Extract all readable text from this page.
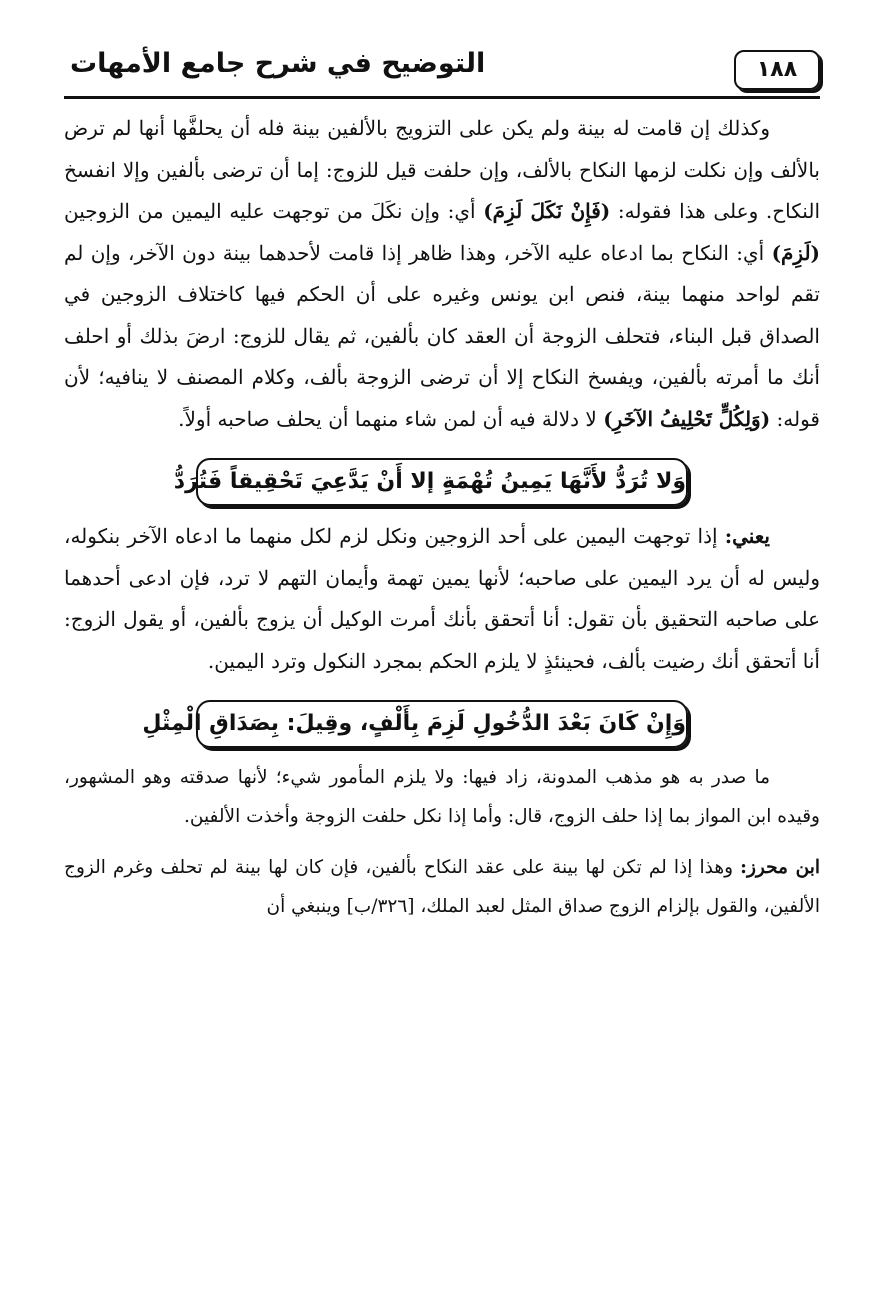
١٨٨
التوضيح في شرح جامع الأمهات

وكذلك إن قامت له بينة ولم يكن على التزويج بالألفين بينة فله أن يحلفَّها أنها لم ترض بالألف وإن نكلت لزمها النكاح بالألف، وإن حلفت قيل للزوج: إما أن ترضى بألفين وإلا انفسخ النكاح. وعلى هذا فقوله: (فَإِنْ نَكَلَ لَزِمَ) أي: وإن نكَلَ من توجهت عليه اليمين من الزوجين (لَزِمَ) أي: النكاح بما ادعاه عليه الآخر، وهذا ظاهر إذا قامت لأحدهما بينة دون الآخر، وإن لم تقم لواحد منهما بينة، فنص ابن يونس وغيره على أن الحكم فيها كاختلاف الزوجين في الصداق قبل البناء، فتحلف الزوجة أن العقد كان بألفين، ثم يقال للزوج: ارضَ بذلك أو احلف أنك ما أمرته بألفين، ويفسخ النكاح إلا أن ترضى الزوجة بألف، وكلام المصنف لا ينافيه؛ لأن قوله: (وَلِكُلٍّ تَحْلِيفُ الآخَرِ) لا دلالة فيه أن لمن شاء منهما أن يحلف صاحبه أولاً.

وَلا تُرَدُّ لأَنَّهَا يَمِينُ تُهْمَةٍ إلا أَنْ يَدَّعِيَ تَحْقِيقاً فَتُرَدُّ

يعني: إذا توجهت اليمين على أحد الزوجين ونكل لزم لكل منهما ما ادعاه الآخر بنكوله، وليس له أن يرد اليمين على صاحبه؛ لأنها يمين تهمة وأيمان التهم لا ترد، فإن ادعى أحدهما على صاحبه التحقيق بأن تقول: أنا أتحقق بأنك أمرت الوكيل أن يزوج بألفين، أو يقول الزوج: أنا أتحقق أنك رضيت بألف، فحينئذٍ لا يلزم الحكم بمجرد النكول وترد اليمين.

وَإِنْ كَانَ بَعْدَ الدُّخُولِ لَزِمَ بِأَلْفٍ، وقِيلَ: بِصَدَاقِ الْمِثْلِ

ما صدر به هو مذهب المدونة، زاد فيها: ولا يلزم المأمور شيء؛ لأنها صدقته وهو المشهور، وقيده ابن المواز بما إذا حلف الزوج، قال: وأما إذا نكل حلفت الزوجة وأخذت الألفين.

ابن محرز: وهذا إذا لم تكن لها بينة على عقد النكاح بألفين، فإن كان لها بينة لم تحلف وغرم الزوج الألفين، والقول بإلزام الزوج صداق المثل لعبد الملك، [٣٢٦/ب] وينبغي أن
